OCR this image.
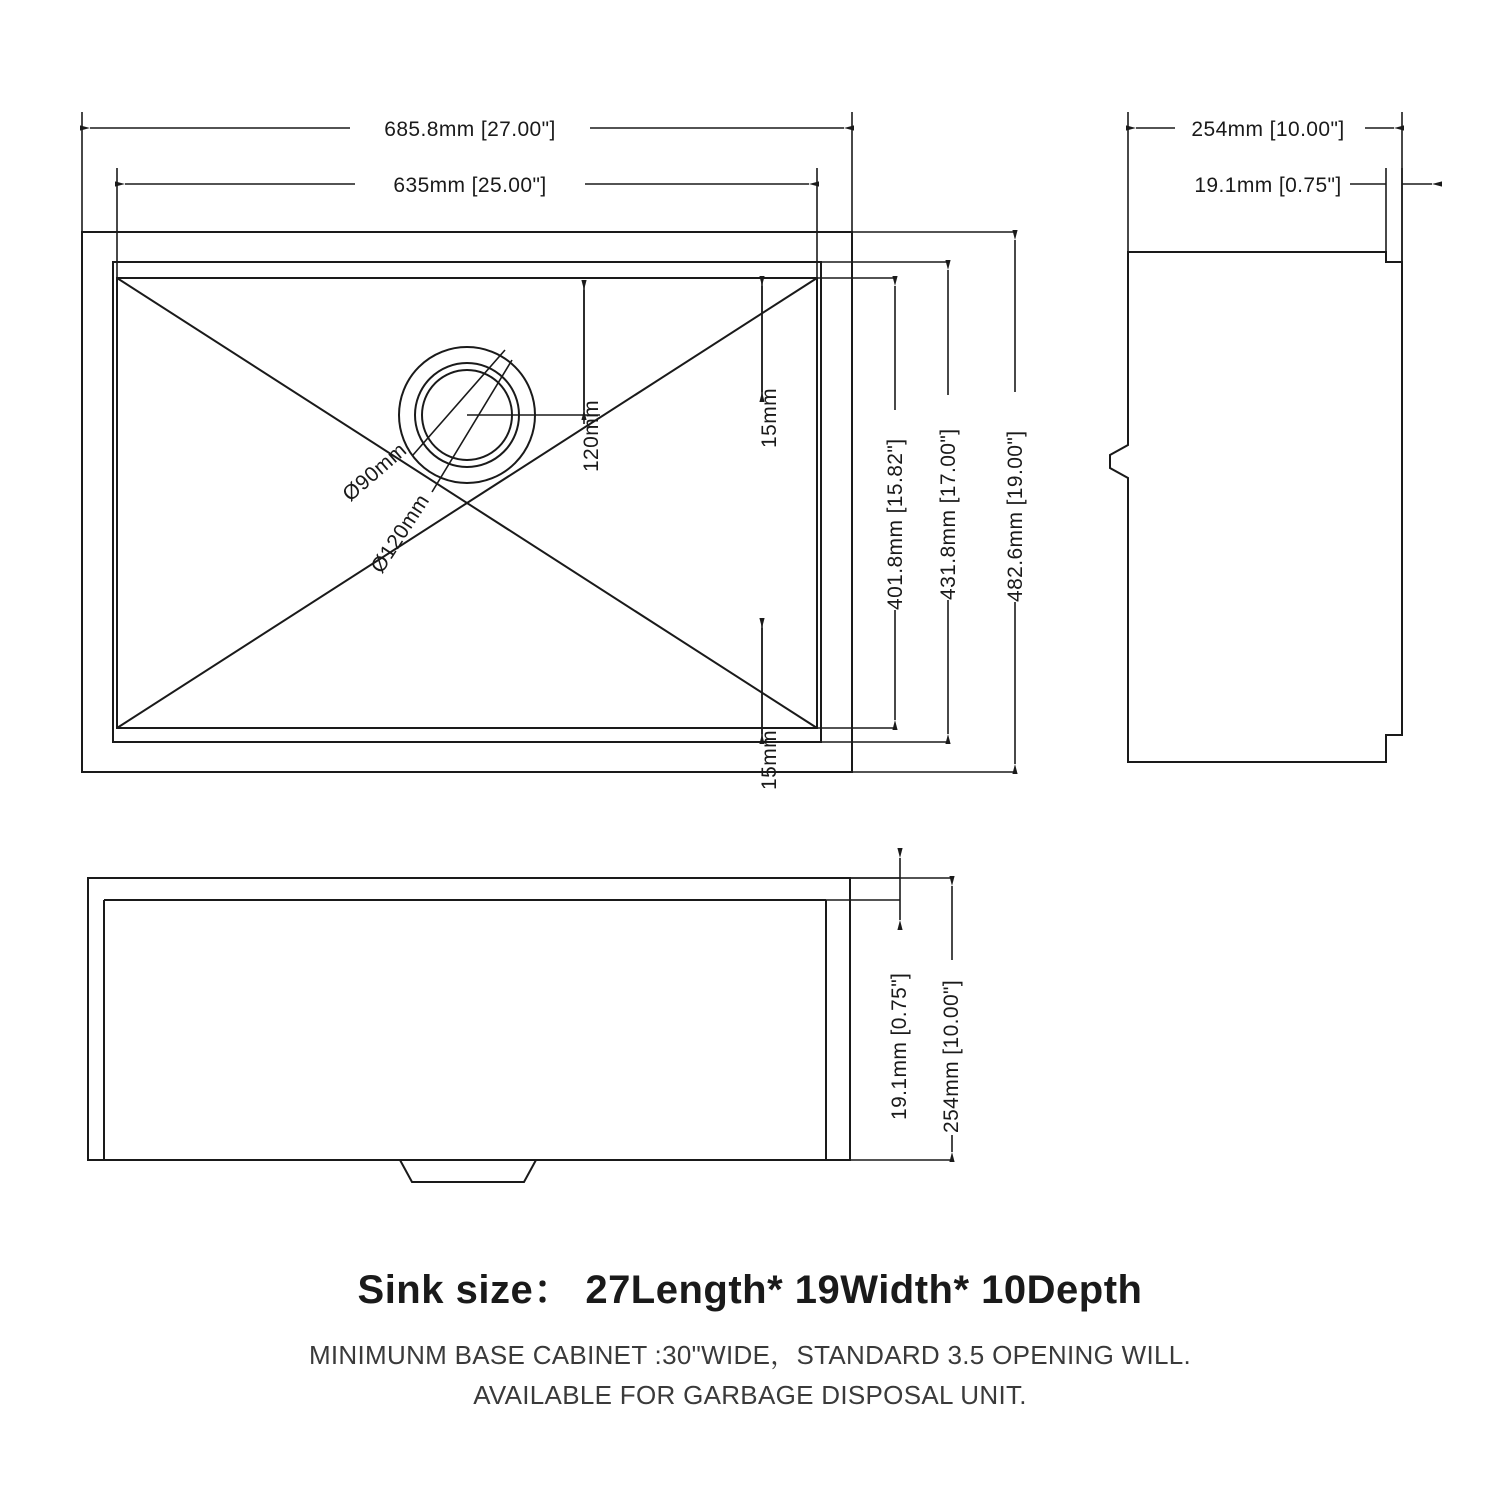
685.8mm [27.00"]
635mm [25.00"]
120mm
Ø90mm
Ø120mm
15mm
15mm
401.8mm [15.82"] 431.8mm [17.00"] 482.6mm [19.00"]
254mm [10.00"]
19.1mm [0.75"]
19.1mm [0.75"] 254mm [10.00"]
Sink size： 27Length* 19Width* 10Depth
MINIMUNM BASE CABINET :30"WIDE，STANDARD 3.5 OPENING WILL.
AVAILABLE FOR GARBAGE DISPOSAL UNIT.
